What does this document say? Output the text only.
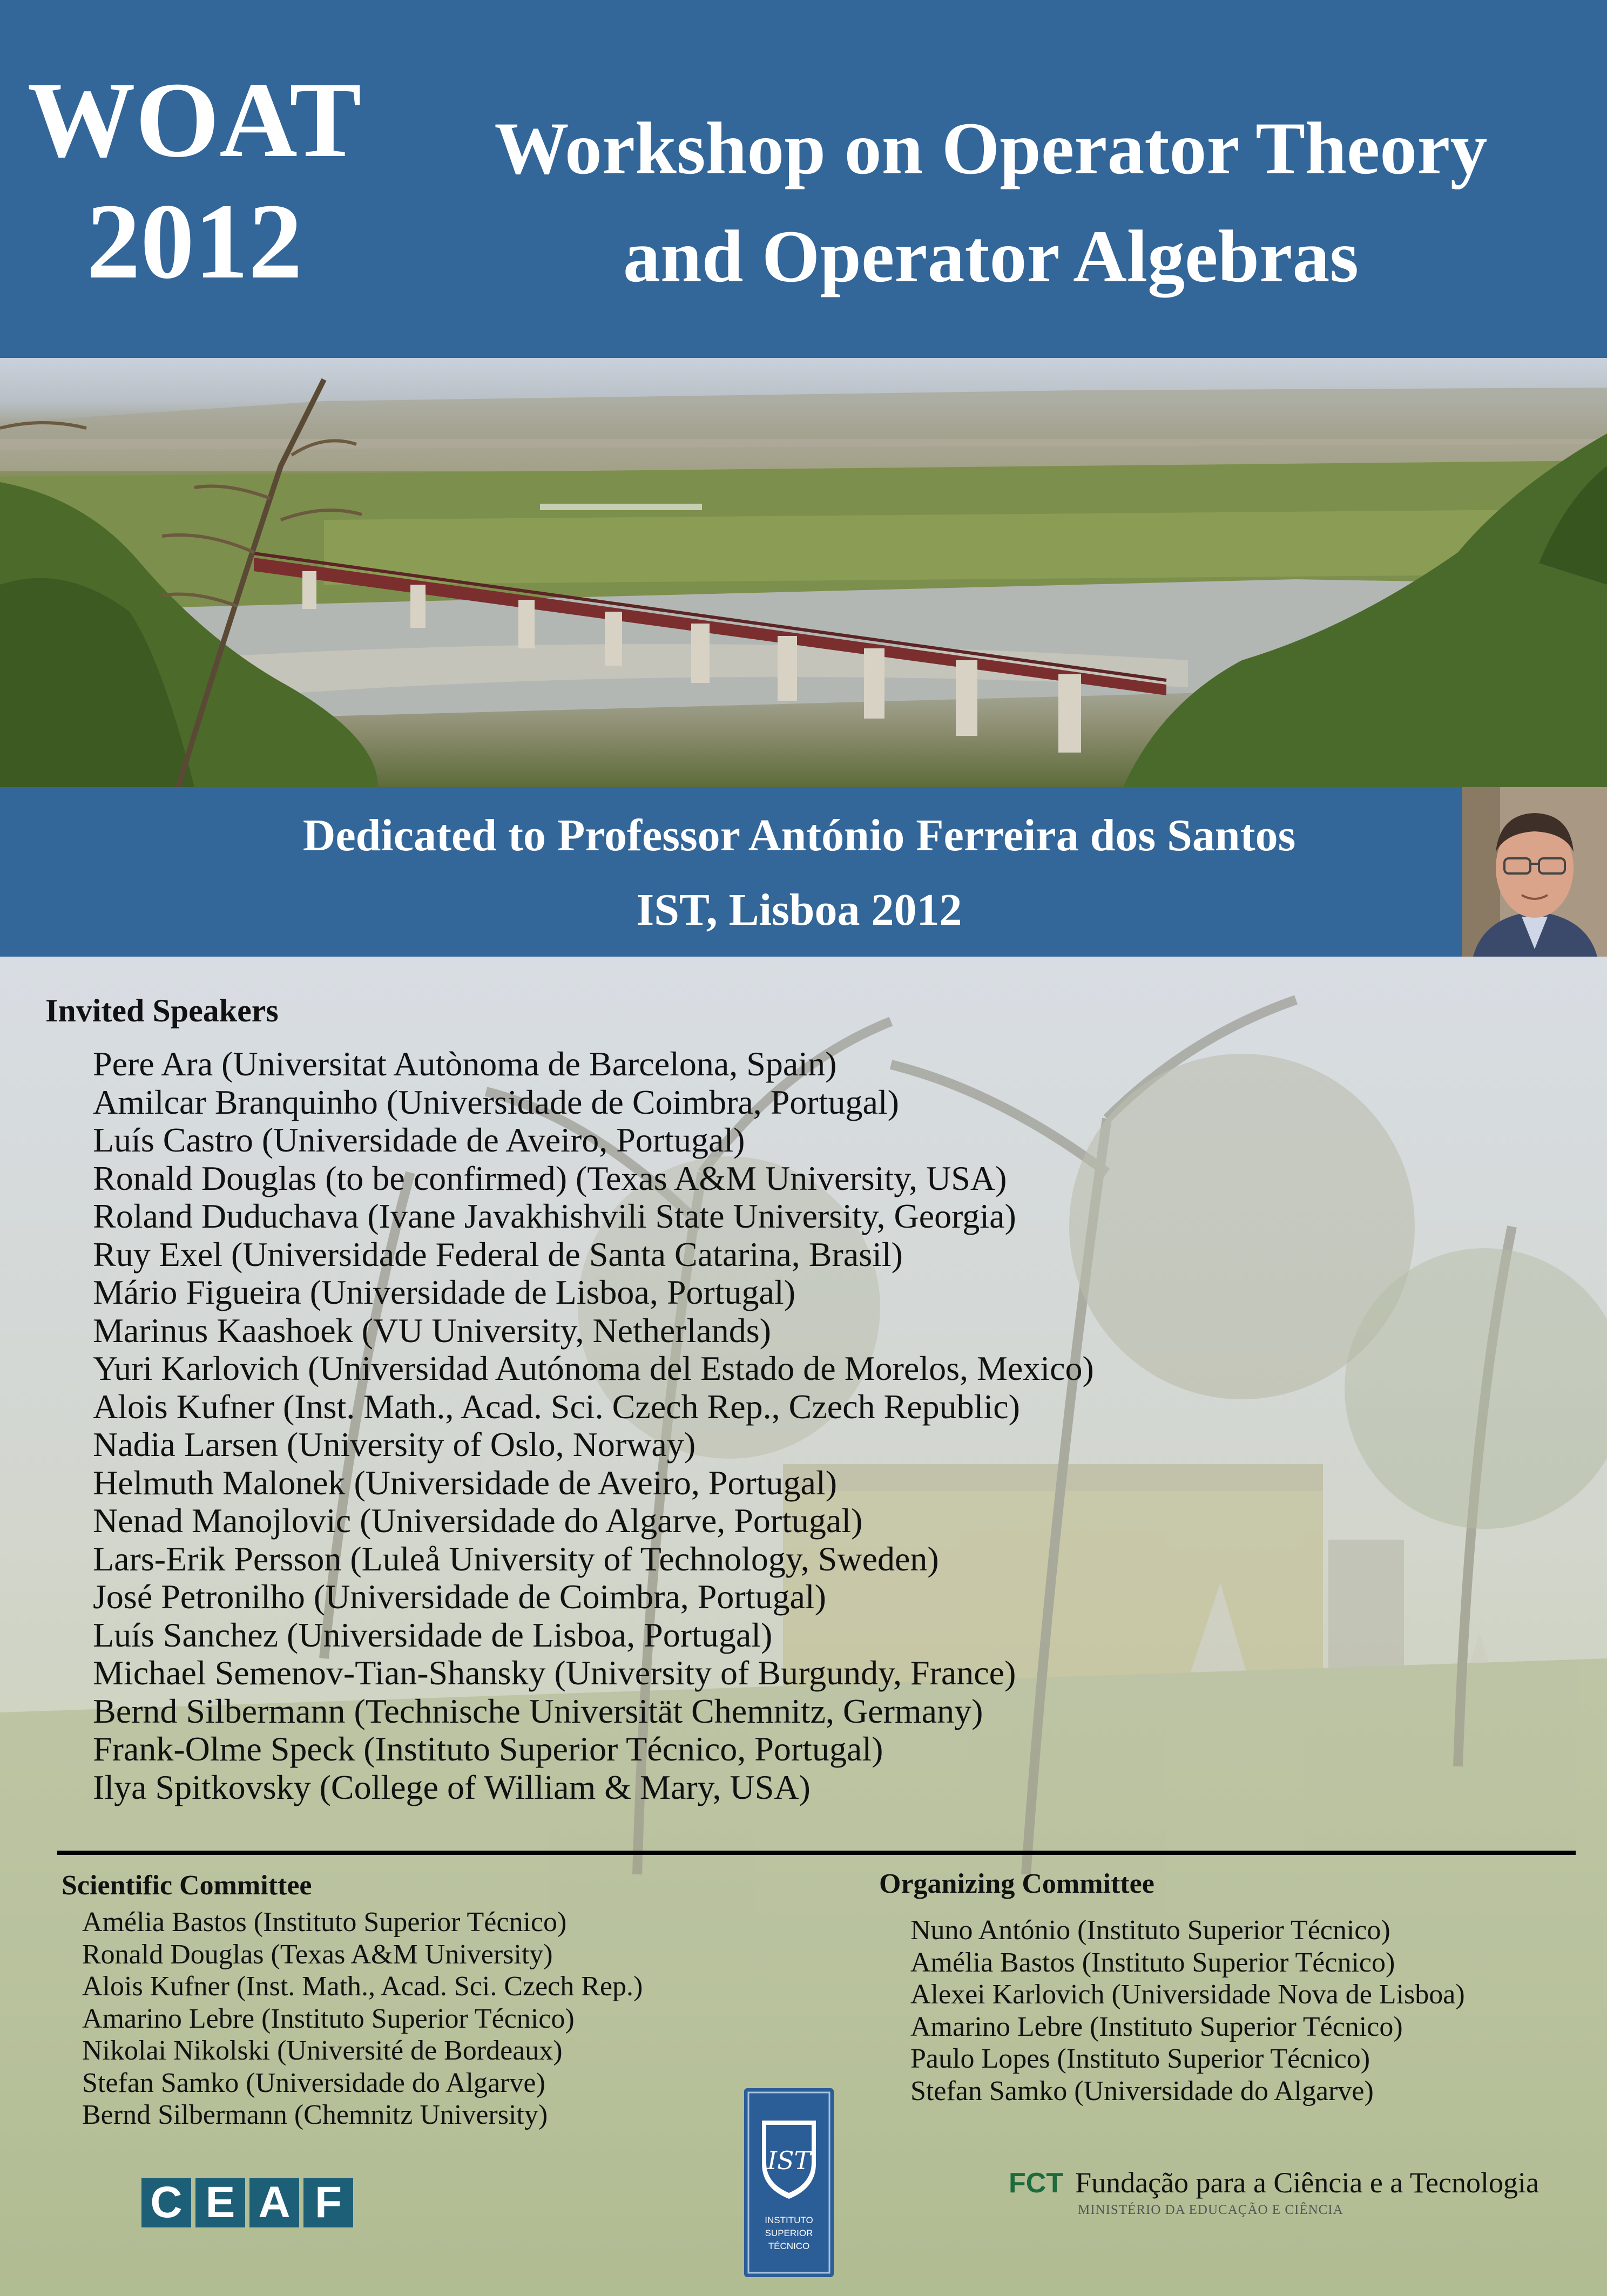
WOAT
2012
Workshop on Operator Theory
and Operator Algebras
Dedicated to Professor António Ferreira dos Santos
IST, Lisboa 2012
Invited Speakers
Pere Ara (Universitat Autònoma de Barcelona, Spain)
Amilcar Branquinho (Universidade de Coimbra, Portugal)
Luís Castro (Universidade de Aveiro, Portugal)
Ronald Douglas (to be confirmed) (Texas A&M University, USA)
Roland Duduchava (Ivane Javakhishvili State University, Georgia)
Ruy Exel (Universidade Federal de Santa Catarina, Brasil)
Mário Figueira (Universidade de Lisboa, Portugal)
Marinus Kaashoek (VU University, Netherlands)
Yuri Karlovich (Universidad Autónoma del Estado de Morelos, Mexico)
Alois Kufner (Inst. Math., Acad. Sci. Czech Rep., Czech Republic)
Nadia Larsen (University of Oslo, Norway)
Helmuth Malonek (Universidade de Aveiro, Portugal)
Nenad Manojlovic (Universidade do Algarve, Portugal)
Lars-Erik Persson (Luleå University of Technology, Sweden)
José Petronilho (Universidade de Coimbra, Portugal)
Luís Sanchez (Universidade de Lisboa, Portugal)
Michael Semenov-Tian-Shansky (University of Burgundy, France)
Bernd Silbermann (Technische Universität Chemnitz, Germany)
Frank-Olme Speck (Instituto Superior Técnico, Portugal)
Ilya Spitkovsky (College of William & Mary, USA)
Scientific Committee
Amélia Bastos (Instituto Superior Técnico)
Ronald Douglas (Texas A&M University)
Alois Kufner (Inst. Math., Acad. Sci. Czech Rep.)
Amarino Lebre (Instituto Superior Técnico)
Nikolai Nikolski (Université de Bordeaux)
Stefan Samko (Universidade do Algarve)
Bernd Silbermann (Chemnitz University)
Organizing Committee
Nuno António (Instituto Superior Técnico)
Amélia Bastos (Instituto Superior Técnico)
Alexei Karlovich (Universidade Nova de Lisboa)
Amarino Lebre (Instituto Superior Técnico)
Paulo Lopes (Instituto Superior Técnico)
Stefan Samko (Universidade do Algarve)
C E A F
IST
INSTITUTO
SUPERIOR
TÉCNICO
FCT Fundação para a Ciência e a Tecnologia
MINISTÉRIO DA EDUCAÇÃO E CIÊNCIA
